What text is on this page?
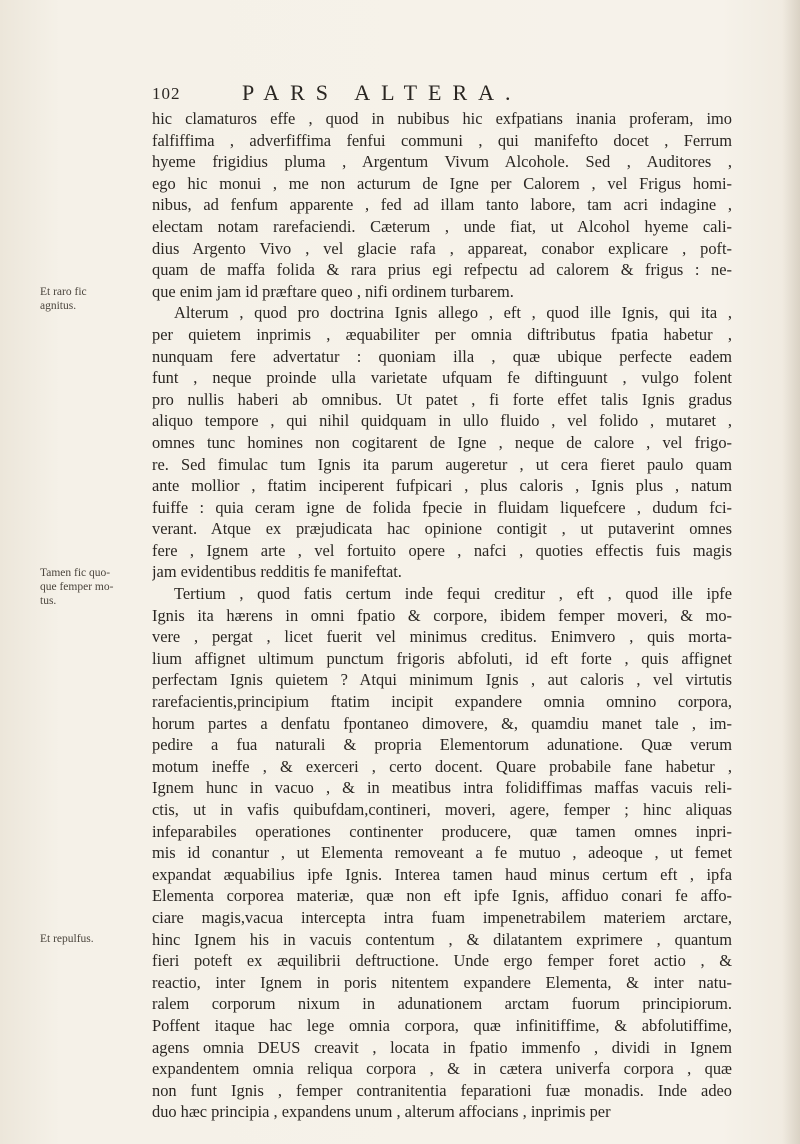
102	PARS ALTERA.
Et raro fic
agnitus.
Tamen fic quo-
que femper mo-
tus.
Et repulfus.
hic clamaturos effe , quod in nubibus hic exfpatians inania proferam, imo
falfiffima , adverfiffima fenfui communi , qui manifefto docet , Ferrum
hyeme frigidius pluma , Argentum Vivum Alcohole. Sed , Auditores ,
ego hic monui , me non acturum de Igne per Calorem , vel Frigus homi-
nibus, ad fenfum apparente , fed ad illam tanto labore, tam acri indagine ,
electam notam rarefaciendi. Cæterum , unde fiat, ut Alcohol hyeme cali-
dius Argento Vivo , vel glacie rafa , appareat, conabor explicare , poft-
quam de maffa folida & rara prius egi refpectu ad calorem & frigus : ne-
que enim jam id præftare queo , nifi ordinem turbarem.
Alterum , quod pro doctrina Ignis allego , eft , quod ille Ignis, qui ita ,
per quietem inprimis , æquabiliter per omnia diftributus fpatia habetur ,
nunquam fere advertatur : quoniam illa , quæ ubique perfecte eadem
funt , neque proinde ulla varietate ufquam fe diftinguunt , vulgo folent
pro nullis haberi ab omnibus. Ut patet , fi forte effet talis Ignis gradus
aliquo tempore , qui nihil quidquam in ullo fluido , vel folido , mutaret ,
omnes tunc homines non cogitarent de Igne , neque de calore , vel frigo-
re. Sed fimulac tum Ignis ita parum augeretur , ut cera fieret paulo quam
ante mollior , ftatim inciperent fufpicari , plus caloris , Ignis plus , natum
fuiffe : quia ceram igne de folida fpecie in fluidam liquefcere , dudum fci-
verant. Atque ex præjudicata hac opinione contigit , ut putaverint omnes
fere , Ignem arte , vel fortuito opere , nafci , quoties effectis fuis magis
jam evidentibus redditis fe manifeftat.
Tertium , quod fatis certum inde fequi creditur , eft , quod ille ipfe
Ignis ita hærens in omni fpatio & corpore, ibidem femper moveri, & mo-
vere , pergat , licet fuerit vel minimus creditus. Enimvero , quis morta-
lium affignet ultimum punctum frigoris abfoluti, id eft forte , quis affignet
perfectam Ignis quietem ? Atqui minimum Ignis , aut caloris , vel virtutis
rarefacientis,principium ftatim incipit expandere omnia omnino corpora,
horum partes a denfatu fpontaneo dimovere, &, quamdiu manet tale , im-
pedire a fua naturali & propria Elementorum adunatione. Quæ verum
motum ineffe , & exerceri , certo docent. Quare probabile fane habetur ,
Ignem hunc in vacuo , & in meatibus intra folidiffimas maffas vacuis reli-
ctis, ut in vafis quibufdam,contineri, moveri, agere, femper ; hinc aliquas
infeparabiles operationes continenter producere, quæ tamen omnes inpri-
mis id conantur , ut Elementa removeant a fe mutuo , adeoque , ut femet
expandat æquabilius ipfe Ignis. Interea tamen haud minus certum eft , ipfa
Elementa corporea materiæ, quæ non eft ipfe Ignis, affiduo conari fe affo-
ciare magis,vacua intercepta intra fuam impenetrabilem materiem arctare,
hinc Ignem his in vacuis contentum , & dilatantem exprimere , quantum
fieri poteft ex æquilibrii deftructione. Unde ergo femper foret actio , &
reactio, inter Ignem in poris nitentem expandere Elementa, & inter natu-
ralem corporum nixum in adunationem arctam fuorum principiorum.
Poffent itaque hac lege omnia corpora, quæ infinitiffime, & abfolutiffime,
agens omnia DEUS creavit , locata in fpatio immenfo , dividi in Ignem
expandentem omnia reliqua corpora , & in cætera univerfa corpora , quæ
non funt Ignis , femper contranitentia feparationi fuæ monadis. Inde adeo
duo hæc principia , expandens unum , alterum affocians , inprimis per
